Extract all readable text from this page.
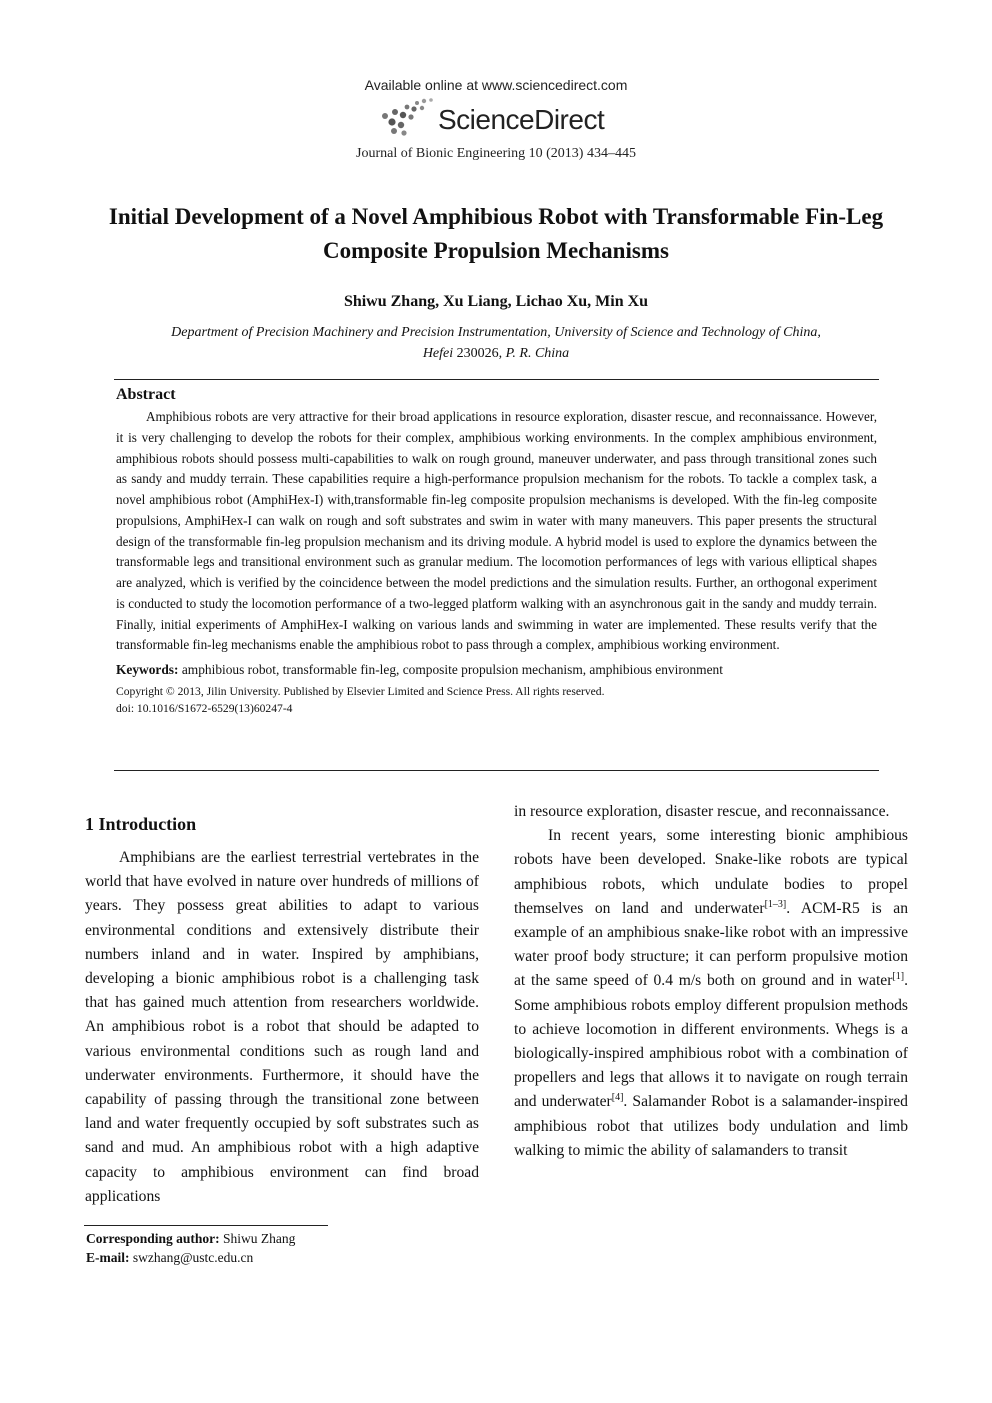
Available online at www.sciencedirect.com
ScienceDirect
Journal of Bionic Engineering 10 (2013) 434–445
Initial Development of a Novel Amphibious Robot with Transformable Fin-Leg Composite Propulsion Mechanisms
Shiwu Zhang, Xu Liang, Lichao Xu, Min Xu
Department of Precision Machinery and Precision Instrumentation, University of Science and Technology of China,
Hefei 230026, P. R. China
Abstract

Amphibious robots are very attractive for their broad applications in resource exploration, disaster rescue, and reconnaissance. However, it is very challenging to develop the robots for their complex, amphibious working environments. In the complex amphibious environment, amphibious robots should possess multi-capabilities to walk on rough ground, maneuver underwater, and pass through transitional zones such as sandy and muddy terrain. These capabilities require a high-performance propulsion mechanism for the robots. To tackle a complex task, a novel amphibious robot (AmphiHex-I) with,transformable fin-leg composite propulsion mechanisms is developed. With the fin-leg composite propulsions, AmphiHex-I can walk on rough and soft substrates and swim in water with many maneuvers. This paper presents the structural design of the transformable fin-leg propulsion mechanism and its driving module. A hybrid model is used to explore the dynamics between the transformable legs and transitional environment such as granular medium. The locomotion performances of legs with various elliptical shapes are analyzed, which is verified by the coincidence between the model predictions and the simulation results. Further, an orthogonal experiment is conducted to study the locomotion performance of a two-legged platform walking with an asynchronous gait in the sandy and muddy terrain. Finally, initial experiments of AmphiHex-I walking on various lands and swimming in water are implemented. These results verify that the transformable fin-leg mechanisms enable the amphibious robot to pass through a complex, amphibious working environment.

Keywords: amphibious robot, transformable fin-leg, composite propulsion mechanism, amphibious environment
Copyright © 2013, Jilin University. Published by Elsevier Limited and Science Press. All rights reserved.
doi: 10.1016/S1672-6529(13)60247-4
1 Introduction

Amphibians are the earliest terrestrial vertebrates in the world that have evolved in nature over hundreds of millions of years. They possess great abilities to adapt to various environmental conditions and extensively distribute their numbers inland and in water. Inspired by amphibians, developing a bionic amphibious robot is a challenging task that has gained much attention from researchers worldwide. An amphibious robot is a robot that should be adapted to various environmental conditions such as rough land and underwater environments. Furthermore, it should have the capability of passing through the transitional zone between land and water frequently occupied by soft substrates such as sand and mud. An amphibious robot with a high adaptive capacity to amphibious environment can find broad applications

in resource exploration, disaster rescue, and reconnaissance.

In recent years, some interesting bionic amphibious robots have been developed. Snake-like robots are typical amphibious robots, which undulate bodies to propel themselves on land and underwater[1–3]. ACM-R5 is an example of an amphibious snake-like robot with an impressive water proof body structure; it can perform propulsive motion at the same speed of 0.4 m/s both on ground and in water[1]. Some amphibious robots employ different propulsion methods to achieve locomotion in different environments. Whegs is a biologically-inspired amphibious robot with a combination of propellers and legs that allows it to navigate on rough terrain and underwater[4]. Salamander Robot is a salamander-inspired amphibious robot that utilizes body undulation and limb walking to mimic the ability of salamanders to transit

Corresponding author: Shiwu Zhang
E-mail: swzhang@ustc.edu.cn
